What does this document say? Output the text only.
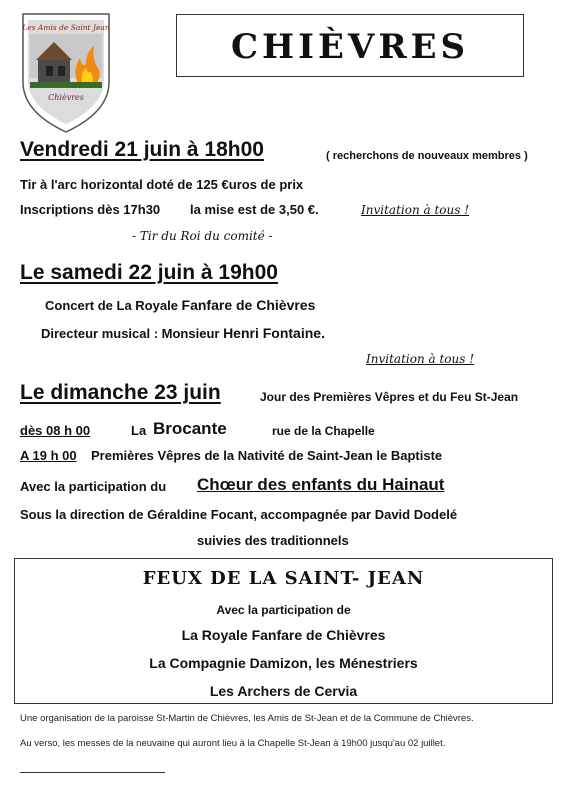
Les Amis de Saint Jean
Chièvres
CHIÈVRES
Vendredi 21 juin à 18h00	( recherchons de nouveaux membres )
Tir à l'arc horizontal doté de 125 €uros de prix
Inscriptions dès 17h30 la mise est de 3,50 €.	Invitation à tous !
- Tir du Roi du comité -
Le samedi 22 juin à 19h00
Concert de La Royale Fanfare de Chièvres
Directeur musical : Monsieur Henri Fontaine.
Invitation à tous !
Le dimanche 23 juin	Jour des Premières Vêpres et du Feu St-Jean
dès 08 h 00	La Brocante	rue de la Chapelle
A 19 h 00 Premières Vêpres de la Nativité de Saint-Jean le Baptiste
Avec la participation du Chœur des enfants du Hainaut
Sous la direction de Géraldine Focant, accompagnée par David Dodelé
suivies des traditionnels
FEUX DE LA SAINT- JEAN
Avec la participation de
La Royale Fanfare de Chièvres
La Compagnie Damizon, les Ménestriers
Les Archers de Cervia
Une organisation de la paroisse St-Martin de Chièvres, les Amis de St-Jean et de la Commune de Chièvres.
Au verso, les messes de la neuvaine qui auront lieu à la Chapelle St-Jean à 19h00 jusqu'au 02 juillet.
